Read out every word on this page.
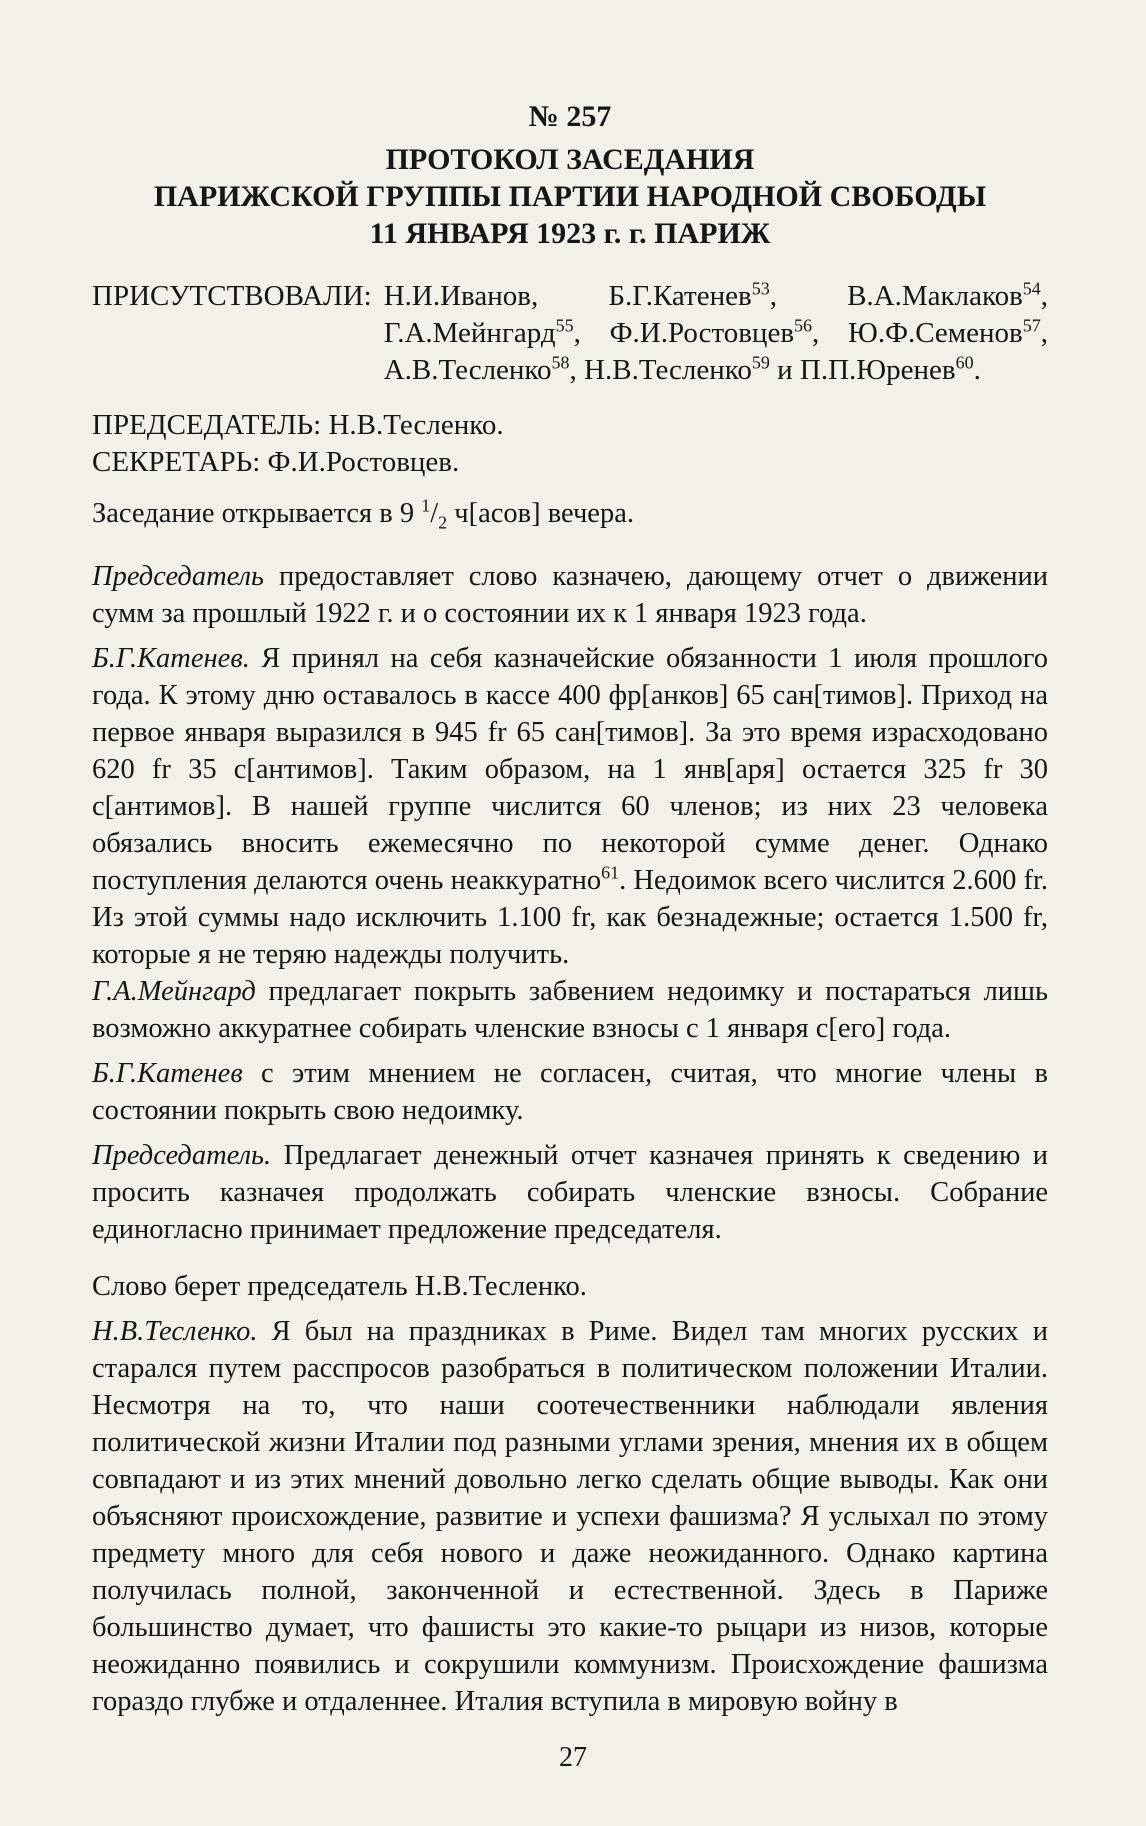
№ 257
ПРОТОКОЛ ЗАСЕДАНИЯ
ПАРИЖСКОЙ ГРУППЫ ПАРТИИ НАРОДНОЙ СВОБОДЫ
11 ЯНВАРЯ 1923 г. г. ПАРИЖ
ПРИСУТСТВОВАЛИ: Н.И.Иванов, Б.Г.Катенев$^{53}$, В.А.Маклаков$^{54}$, Г.А.Мейнгард$^{55}$, Ф.И.Ростовцев$^{56}$, Ю.Ф.Семенов$^{57}$, А.В.Тесленко$^{58}$, Н.В.Тесленко$^{59}$ и П.П.Юренев$^{60}$.
ПРЕДСЕДАТЕЛЬ: Н.В.Тесленко.
СЕКРЕТАРЬ: Ф.И.Ростовцев.

Заседание открывается в 9 $^1/_2$ ч[асов] вечера.

Председатель предоставляет слово казначею, дающему отчет о движении сумм за прошлый 1922 г. и о состоянии их к 1 января 1923 года.

Б.Г.Катенев. Я принял на себя казначейские обязанности 1 июля прошлого года. К этому дню оставалось в кассе 400 фр[анков] 65 сан[тимов]. Приход на первое января выразился в 945 fr 65 сан[тимов]. За это время израсходовано 620 fr 35 с[антимов]. Таким образом, на 1 янв[аря] остается 325 fr 30 с[антимов]. В нашей группе числится 60 членов; из них 23 человека обязались вносить ежемесячно по некоторой сумме денег. Однако поступления делаются очень неаккуратно$^{61}$. Недоимок всего числится 2.600 fr. Из этой суммы надо исключить 1.100 fr, как безнадежные; остается 1.500 fr, которые я не теряю надежды получить.

Г.А.Мейнгард предлагает покрыть забвением недоимку и постараться лишь возможно аккуратнее собирать членские взносы с 1 января с[его] года.

Б.Г.Катенев с этим мнением не согласен, считая, что многие члены в состоянии покрыть свою недоимку.

Председатель. Предлагает денежный отчет казначея принять к сведению и просить казначея продолжать собирать членские взносы. Собрание единогласно принимает предложение председателя.

Слово берет председатель Н.В.Тесленко.

Н.В.Тесленко. Я был на праздниках в Риме. Видел там многих русских и старался путем расспросов разобраться в политическом положении Италии. Несмотря на то, что наши соотечественники наблюдали явления политической жизни Италии под разными углами зрения, мнения их в общем совпадают и из этих мнений довольно легко сделать общие выводы. Как они объясняют происхождение, развитие и успехи фашизма? Я услыхал по этому предмету много для себя нового и даже неожиданного. Однако картина получилась полной, законченной и естественной. Здесь в Париже большинство думает, что фашисты это какие-то рыцари из низов, которые неожиданно появились и сокрушили коммунизм. Происхождение фашизма гораздо глубже и отдаленнее. Италия вступила в мировую войну в

27
